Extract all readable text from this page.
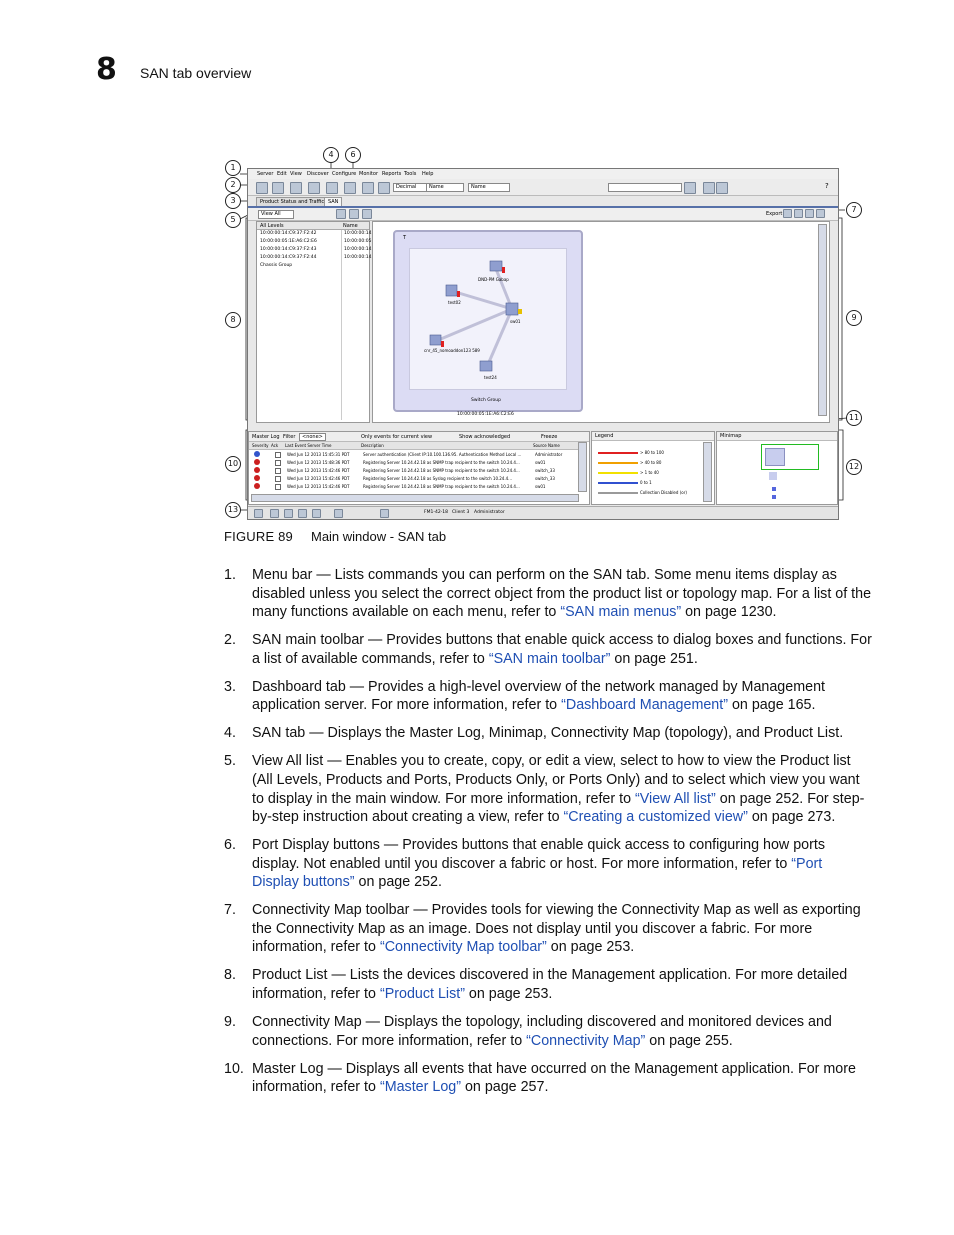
8 SAN tab overview
Server Edit View Discover Configure Monitor Reports Tools Help
Decimal	Name	Name	?
Product Status and Traffic SAN
View All	Export
All Levels	Name
10:00:00:14:C9:37:F2:42	10:00:00:14
10:00:00:05:1E:A6:C2:E6	10:00:00:05
10:00:00:14:C9:37:F2:43	10:00:00:14
10:00:00:14:C9:37:F2:44	10:00:00:14
Chassis Group
T
DND-PM Gabap
test02
sw01
cnr_45_nomoaddon123 589
test24
Switch Group
10:00:00:05:1E:A6:C2:E6
Master Log Filter	<none>	Only events for current view	Show acknowledged	Freeze
Severity Ack Last Event Server Time	Description	Source Name
Wed Jun 12 2013 15:45:31 PDT	Server authentication (Client IP:10.100.136.95. Authentication Method Local ...	Administrator
Wed Jun 12 2013 15:48:36 PDT	Registering Server 10.24.42.18 as SNMP trap recipient to the switch 10.24.4...	sw01
Wed Jun 12 2013 15:42:46 PDT	Registering Server 10.24.42.18 as SNMP trap recipient to the switch 10.24.4...	switch_33
Wed Jun 12 2013 15:42:46 PDT	Registering Server 10.24.42.18 as Syslog recipient to the switch 10.24.4...	switch_33
Wed Jun 12 2013 15:42:46 PDT	Registering Server 10.24.42.18 as SNMP trap recipient to the switch 10.24.4...	sw01
Legend
> 80 to 100
> 40 to 80
> 1 to 40
0 to 1
Collection Disabled (or)
Minimap
FM1-42-18 Client 3 Administrator
1
2
3
5
4	6
7
8	9
10
11
12
13
FIGURE 89 Main window - SAN tab
1. Menu bar — Lists commands you can perform on the SAN tab. Some menu items display as disabled unless you select the correct object from the product list or topology map. For a list of the many functions available on each menu, refer to “SAN main menus” on page 1230.
2. SAN main toolbar — Provides buttons that enable quick access to dialog boxes and functions. For a list of available commands, refer to “SAN main toolbar” on page 251.
3. Dashboard tab — Provides a high-level overview of the network managed by Management application server. For more information, refer to “Dashboard Management” on page 165.
4. SAN tab — Displays the Master Log, Minimap, Connectivity Map (topology), and Product List.
5. View All list — Enables you to create, copy, or edit a view, select to how to view the Product list (All Levels, Products and Ports, Products Only, or Ports Only) and to select which view you want to display in the main window. For more information, refer to “View All list” on page 252. For step-by-step instruction about creating a view, refer to “Creating a customized view” on page 273.
6. Port Display buttons — Provides buttons that enable quick access to configuring how ports display. Not enabled until you discover a fabric or host. For more information, refer to “Port Display buttons” on page 252.
7. Connectivity Map toolbar — Provides tools for viewing the Connectivity Map as well as exporting the Connectivity Map as an image. Does not display until you discover a fabric. For more information, refer to “Connectivity Map toolbar” on page 253.
8. Product List — Lists the devices discovered in the Management application. For more detailed information, refer to “Product List” on page 253.
9. Connectivity Map — Displays the topology, including discovered and monitored devices and connections. For more information, refer to “Connectivity Map” on page 255.
10. Master Log — Displays all events that have occurred on the Management application. For more information, refer to “Master Log” on page 257.
